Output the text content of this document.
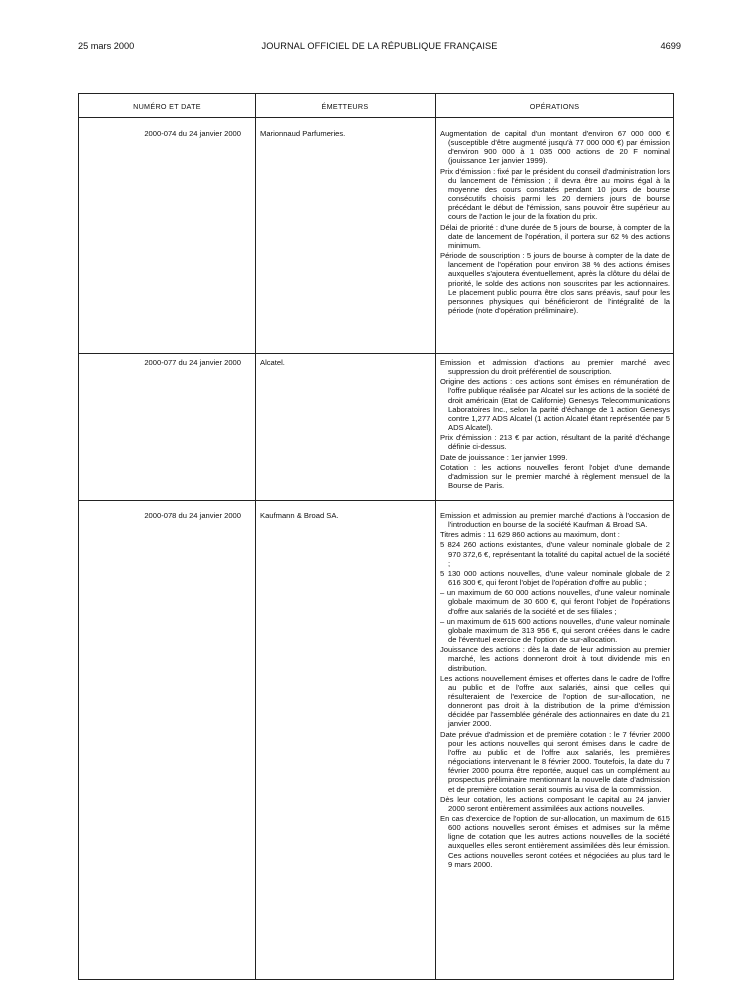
25 mars 2000	JOURNAL OFFICIEL DE LA RÉPUBLIQUE FRANÇAISE	4699
NUMÉRO ET DATE	ÉMETTEURS	OPÉRATIONS
2000-074 du 24 janvier 2000	Marionnaud Parfumeries.	Augmentation de capital d'un montant d'environ 67 000 000 € (susceptible d'être augmenté jusqu'à 77 000 000 €) par émission d'environ 900 000 à 1 035 000 actions de 20 F nominal (jouissance 1er janvier 1999).

Prix d'émission : fixé par le président du conseil d'administration lors du lancement de l'émission ; il devra être au moins égal à la moyenne des cours constatés pendant 10 jours de bourse consécutifs choisis parmi les 20 derniers jours de bourse précédant le début de l'émission, sans pouvoir être supérieur au cours de l'action le jour de la fixation du prix.

Délai de priorité : d'une durée de 5 jours de bourse, à compter de la date de lancement de l'opération, il portera sur 62 % des actions minimum.

Période de souscription : 5 jours de bourse à compter de la date de lancement de l'opération pour environ 38 % des actions émises auxquelles s'ajoutera éventuellement, après la clôture du délai de priorité, le solde des actions non souscrites par les actionnaires. Le placement public pourra être clos sans préavis, sauf pour les personnes physiques qui bénéficieront de l'intégralité de la période (note d'opération préliminaire).

2000-077 du 24 janvier 2000	Alcatel.	Emission et admission d'actions au premier marché avec suppression du droit préférentiel de souscription.

Origine des actions : ces actions sont émises en rémunération de l'offre publique réalisée par Alcatel sur les actions de la société de droit américain (Etat de Californie) Genesys Telecommunications Laboratoires Inc., selon la parité d'échange de 1 action Genesys contre 1,277 ADS Alcatel (1 action Alcatel étant représentée par 5 ADS Alcatel).

Prix d'émission : 213 € par action, résultant de la parité d'échange définie ci-dessus.

Date de jouissance : 1er janvier 1999.

Cotation : les actions nouvelles feront l'objet d'une demande d'admission sur le premier marché à règlement mensuel de la Bourse de Paris.

2000-078 du 24 janvier 2000	Kaufmann & Broad SA.	Emission et admission au premier marché d'actions à l'occasion de l'introduction en bourse de la société Kaufman & Broad SA.

Titres admis : 11 629 860 actions au maximum, dont :

5 824 260 actions existantes, d'une valeur nominale globale de 2 970 372,6 €, représentant la totalité du capital actuel de la société ;

5 130 000 actions nouvelles, d'une valeur nominale globale de 2 616 300 €, qui feront l'objet de l'opération d'offre au public ;

– un maximum de 60 000 actions nouvelles, d'une valeur nominale globale maximum de 30 600 €, qui feront l'objet de l'opérations d'offre aux salariés de la société et de ses filiales ;

– un maximum de 615 600 actions nouvelles, d'une valeur nominale globale maximum de 313 956 €, qui seront créées dans le cadre de l'éventuel exercice de l'option de sur-allocation.

Jouissance des actions : dès la date de leur admission au premier marché, les actions donneront droit à tout dividende mis en distribution.

Les actions nouvellement émises et offertes dans le cadre de l'offre au public et de l'offre aux salariés, ainsi que celles qui résulteraient de l'exercice de l'option de sur-allocation, ne donneront pas droit à la distribution de la prime d'émission décidée par l'assemblée générale des actionnaires en date du 21 janvier 2000.

Date prévue d'admission et de première cotation : le 7 février 2000 pour les actions nouvelles qui seront émises dans le cadre de l'offre au public et de l'offre aux salariés, les premières négociations intervenant le 8 février 2000. Toutefois, la date du 7 février 2000 pourra être reportée, auquel cas un complément au prospectus préliminaire mentionnant la nouvelle date d'admission et de première cotation serait soumis au visa de la commission.

Dès leur cotation, les actions composant le capital au 24 janvier 2000 seront entièrement assimilées aux actions nouvelles.

En cas d'exercice de l'option de sur-allocation, un maximum de 615 600 actions nouvelles seront émises et admises sur la même ligne de cotation que les autres actions nouvelles de la société auxquelles elles seront entièrement assimilées dès leur émission. Ces actions nouvelles seront cotées et négociées au plus tard le 9 mars 2000.
